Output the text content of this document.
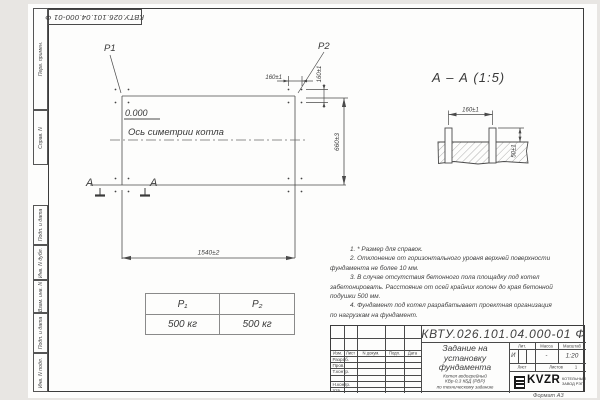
Перв. примен.
Справ. N
Подп. и дата
Инв. N дубл.
Взам. инв. N
Подп. и дата
Инв. N подл.
КВТУ.026.101.04.000-01 Ф
P1	P2
0.000
Ось симетрии котла
1540±2
660±3
160±1
160±1
А	А
А – А (1:5)
160±1
50±1
1. * Размер для справок.
2. Отклонение от горизонтального уровня верхней поверхности
фундамента не более 10 мм.
3. В случае отсутствия бетонного пола площадку под котел
забетонировать. Расстояние от осей крайних колонн до края бетонной
подушки 500 мм.
4. Фундамент под котел разрабатывает проектная организация
по нагрузкам на фундамент.
P₁	P₂
500 кг	500 кг
КВТУ.026.101.04.000-01 Ф
Изм. Лист N докум. Подп. Дата
Разраб.
Пров.
Т.контр.
Н.контр.
Утв.
Задание на
установку
фундамента
Котел водогрейный
КВр-0,3 КБД (РВР)
по техническому заданию
Лит.	Масса Масштаб
И	-	1:20
Лист	Листов	1
KVZR КОТЕЛЬНЫЙ
ЗАВОД РЭП
Формат А3
